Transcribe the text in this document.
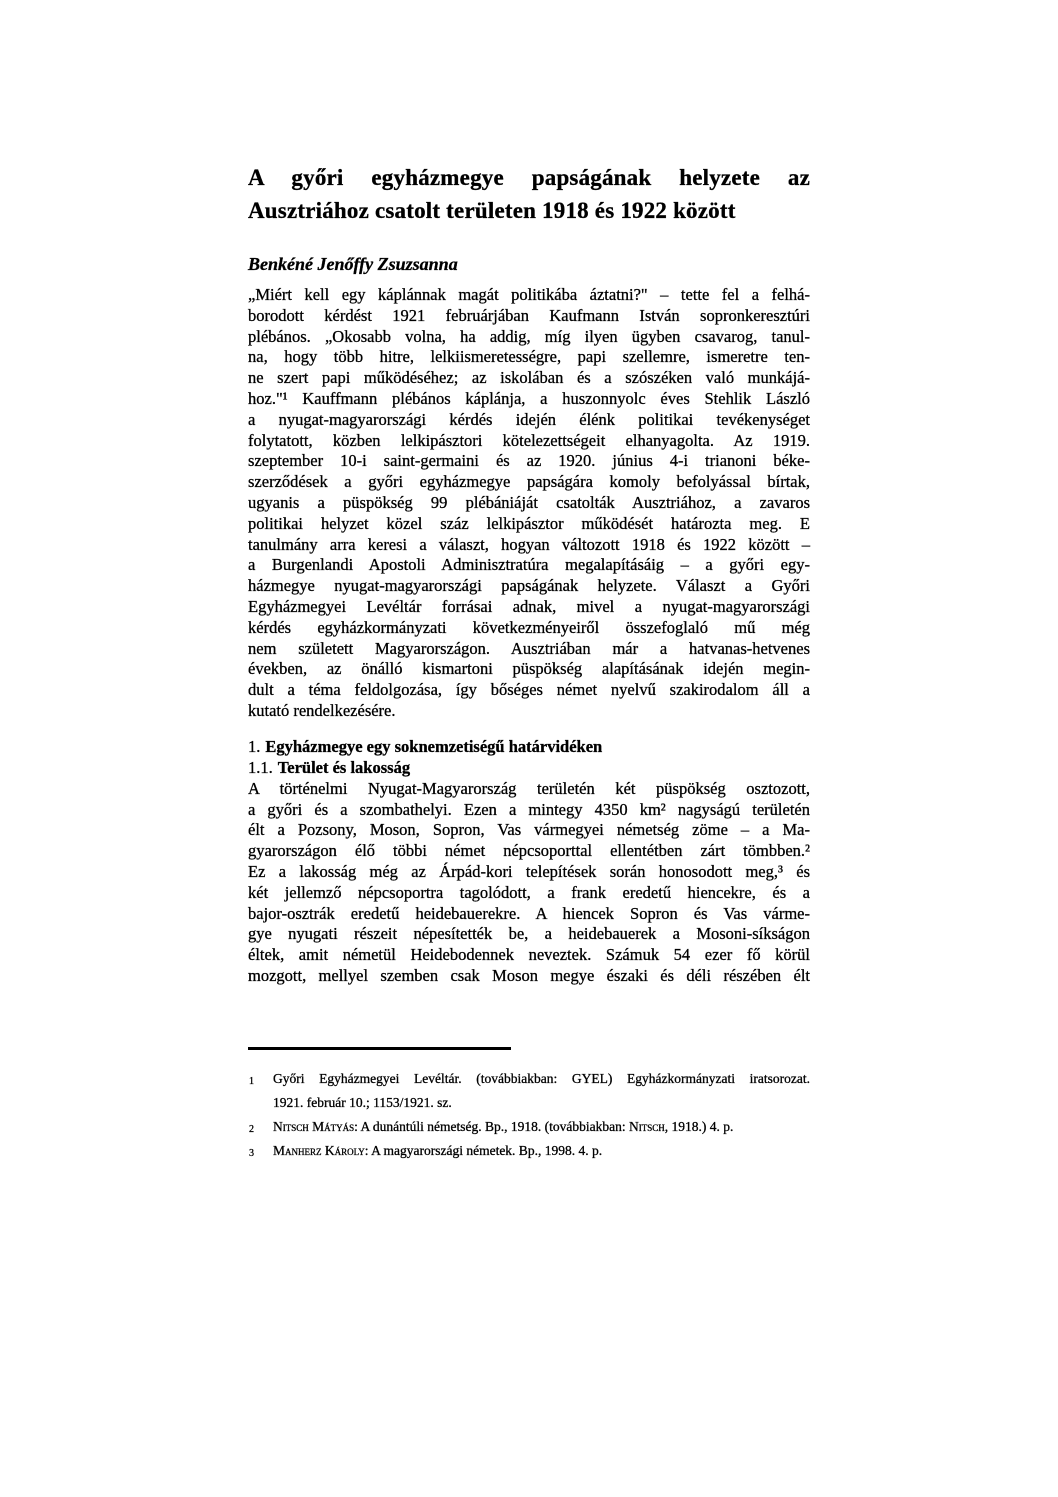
A győri egyházmegye papságának helyzete az
Ausztriához csatolt területen 1918 és 1922 között
Benkéné Jenőffy Zsuzsanna
„Miért kell egy káplánnak magát politikába áztatni?" – tette fel a felhá-
borodott kérdést 1921 februárjában Kaufmann István sopronkeresztúri
plébános. „Okosabb volna, ha addig, míg ilyen ügyben csavarog, tanul-
na, hogy több hitre, lelkiismeretességre, papi szellemre, ismeretre ten-
ne szert papi működéséhez; az iskolában és a szószéken való munkájá-
hoz."¹ Kauffmann plébános káplánja, a huszonnyolc éves Stehlik László
a nyugat-magyarországi kérdés idején élénk politikai tevékenységet
folytatott, közben lelkipásztori kötelezettségeit elhanyagolta. Az 1919.
szeptember 10-i saint-germaini és az 1920. június 4-i trianoni béke-
szerződések a győri egyházmegye papságára komoly befolyással bírtak,
ugyanis a püspökség 99 plébániáját csatolták Ausztriához, a zavaros
politikai helyzet közel száz lelkipásztor működését határozta meg. E
tanulmány arra keresi a választ, hogyan változott 1918 és 1922 között –
a Burgenlandi Apostoli Adminisztratúra megalapításáig – a győri egy-
házmegye nyugat-magyarországi papságának helyzete. Választ a Győri
Egyházmegyei Levéltár forrásai adnak, mivel a nyugat-magyarországi
kérdés egyházkormányzati következményeiről összefoglaló mű még
nem született Magyarországon. Ausztriában már a hatvanas-hetvenes
években, az önálló kismartoni püspökség alapításának idején megin-
dult a téma feldolgozása, így bőséges német nyelvű szakirodalom áll a
kutató rendelkezésére.
1. Egyházmegye egy soknemzetiségű határvidéken
1.1. Terület és lakosság
A történelmi Nyugat-Magyarország területén két püspökség osztozott,
a győri és a szombathelyi. Ezen a mintegy 4350 km² nagyságú területén
élt a Pozsony, Moson, Sopron, Vas vármegyei németség zöme – a Ma-
gyarországon élő többi német népcsoporttal ellentétben zárt tömbben.²
Ez a lakosság még az Árpád-kori telepítések során honosodott meg,³ és
két jellemző népcsoportra tagolódott, a frank eredetű hiencekre, és a
bajor-osztrák eredetű heidebauerekre. A hiencek Sopron és Vas várme-
gye nyugati részeit népesítették be, a heidebauerek a Mosoni-síkságon
éltek, amit németül Heidebodennek neveztek. Számuk 54 ezer fő körül
mozgott, mellyel szemben csak Moson megye északi és déli részében élt
1 Győri Egyházmegyei Levéltár. (továbbiakban: GYEL) Egyházkormányzati iratsorozat.
1921. február 10.; 1153/1921. sz.
2 Nitsch Mátyás: A dunántúli németség. Bp., 1918. (továbbiakban: Nitsch, 1918.) 4. p.
3 Manherz Károly: A magyarországi németek. Bp., 1998. 4. p.
